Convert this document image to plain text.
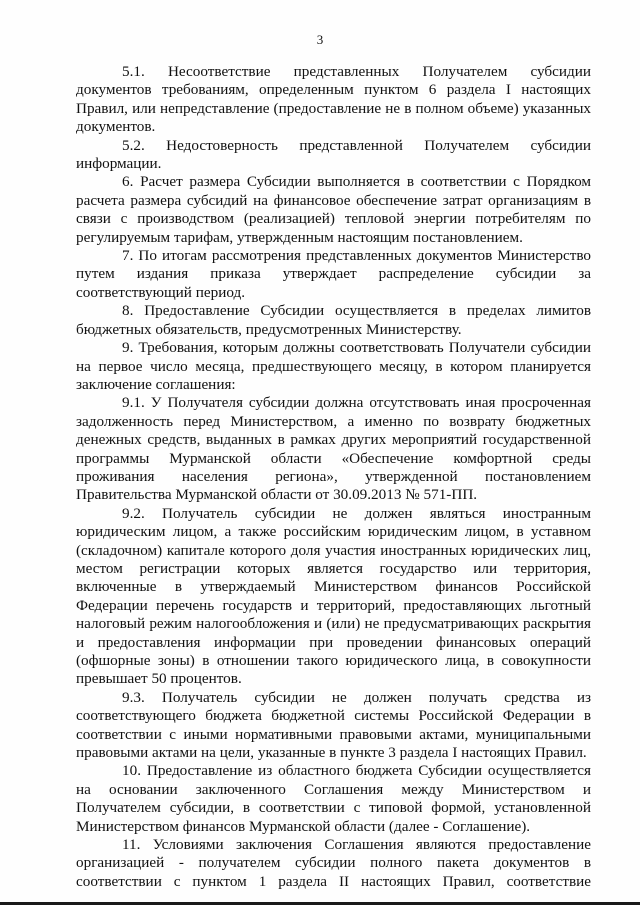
3

5.1. Несоответствие представленных Получателем субсидии документов требованиям, определенным пунктом 6 раздела I настоящих Правил, или непредставление (предоставление не в полном объеме) указанных документов.

5.2. Недостоверность представленной Получателем субсидии информации.

6. Расчет размера Субсидии выполняется в соответствии с Порядком расчета размера субсидий на финансовое обеспечение затрат организациям в связи с производством (реализацией) тепловой энергии потребителям по регулируемым тарифам, утвержденным настоящим постановлением.

7. По итогам рассмотрения представленных документов Министерство путем издания приказа утверждает распределение субсидии за соответствующий период.

8. Предоставление Субсидии осуществляется в пределах лимитов бюджетных обязательств, предусмотренных Министерству.

9. Требования, которым должны соответствовать Получатели субсидии на первое число месяца, предшествующего месяцу, в котором планируется заключение соглашения:

9.1. У Получателя субсидии должна отсутствовать иная просроченная задолженность перед Министерством, а именно по возврату бюджетных денежных средств, выданных в рамках других мероприятий государственной программы Мурманской области «Обеспечение комфортной среды проживания населения региона», утвержденной постановлением Правительства Мурманской области от 30.09.2013 № 571-ПП.

9.2. Получатель субсидии не должен являться иностранным юридическим лицом, а также российским юридическим лицом, в уставном (складочном) капитале которого доля участия иностранных юридических лиц, местом регистрации которых является государство или территория, включенные в утверждаемый Министерством финансов Российской Федерации перечень государств и территорий, предоставляющих льготный налоговый режим налогообложения и (или) не предусматривающих раскрытия и предоставления информации при проведении финансовых операций (офшорные зоны) в отношении такого юридического лица, в совокупности превышает 50 процентов.

9.3. Получатель субсидии не должен получать средства из соответствующего бюджета бюджетной системы Российской Федерации в соответствии с иными нормативными правовыми актами, муниципальными правовыми актами на цели, указанные в пункте 3 раздела I настоящих Правил.

10. Предоставление из областного бюджета Субсидии осуществляется на основании заключенного Соглашения между Министерством и Получателем субсидии, в соответствии с типовой формой, установленной Министерством финансов Мурманской области (далее - Соглашение).

11. Условиями заключения Соглашения являются предоставление организацией - получателем субсидии полного пакета документов в соответствии с пунктом 1 раздела II настоящих Правил, соответствие
